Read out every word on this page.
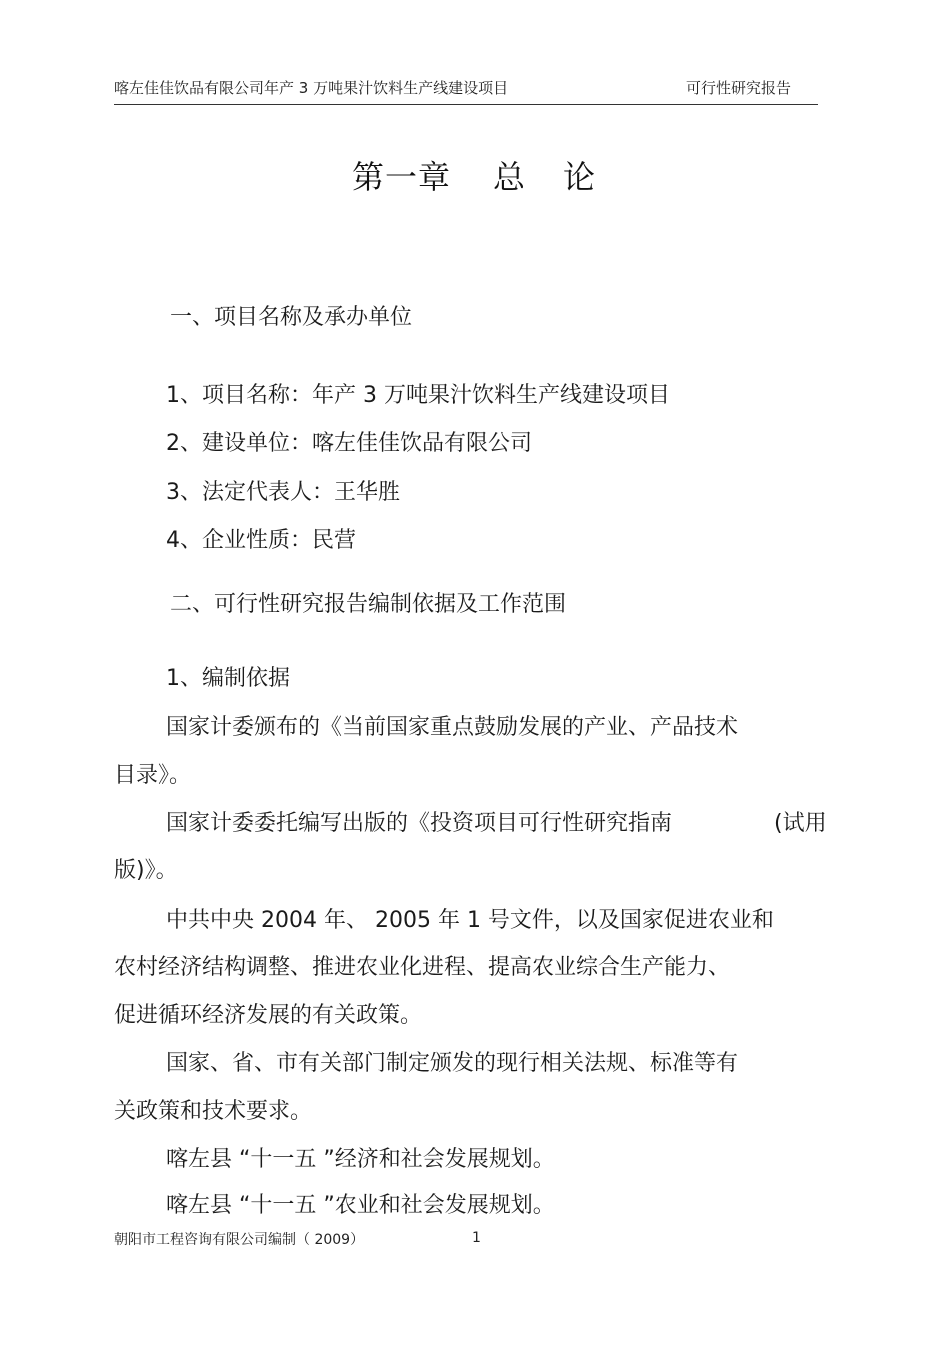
喀左佳佳饮品有限公司年产 3 万吨果汁饮料生产线建设项目	可行性研究报告
第一章 总 论
一、项目名称及承办单位
1、项目名称：年产 3 万吨果汁饮料生产线建设项目
2、建设单位：喀左佳佳饮品有限公司
3、法定代表人：王华胜
4、企业性质：民营
二、可行性研究报告编制依据及工作范围
1、编制依据
国家计委颁布的《当前国家重点鼓励发展的产业、产品技术
目录》。
国家计委委托编写出版的《投资项目可行性研究指南	(试用
版)》。
中共中央 2004 年、 2005 年 1 号文件，以及国家促进农业和
农村经济结构调整、推进农业化进程、提高农业综合生产能力、
促进循环经济发展的有关政策。
国家、省、市有关部门制定颁发的现行相关法规、标准等有
关政策和技术要求。
喀左县 “十一五 ”经济和社会发展规划。
喀左县 “十一五 ”农业和社会发展规划。
朝阳市工程咨询有限公司编制（ 2009）	1
